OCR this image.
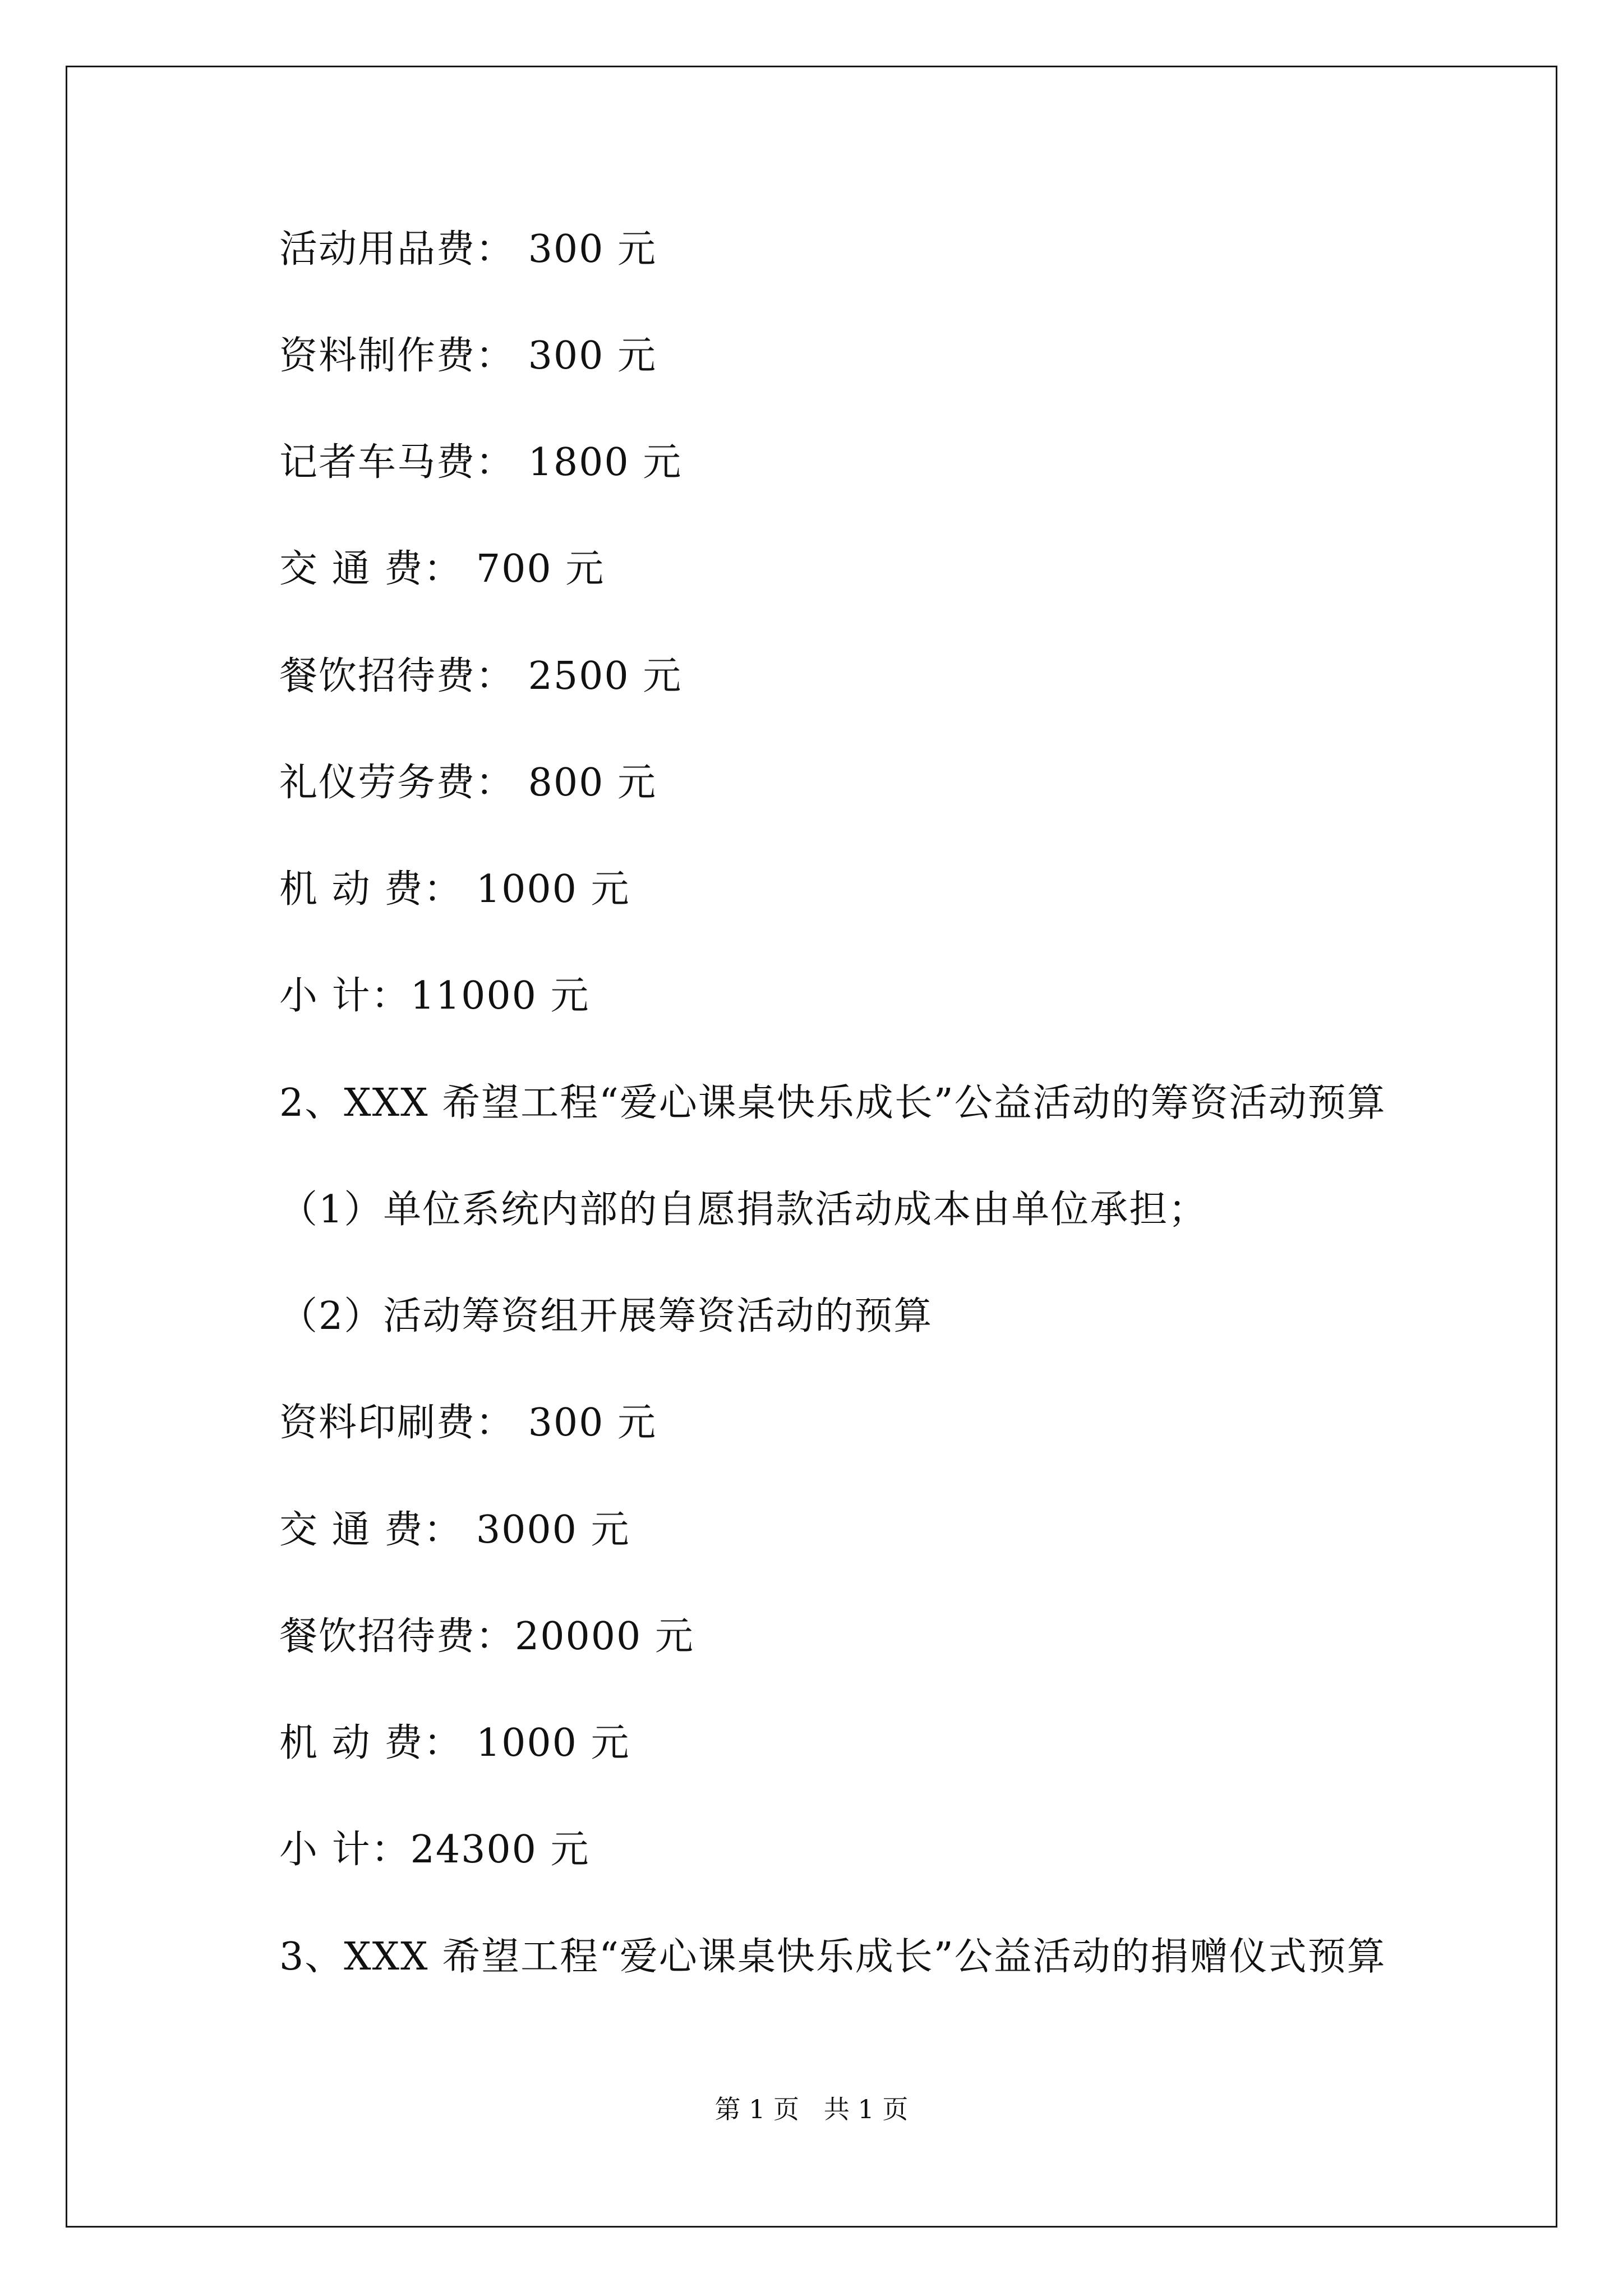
活动用品费： 300 元
资料制作费： 300 元
记者车马费： 1800 元
交 通 费： 700 元
餐饮招待费： 2500 元
礼仪劳务费： 800 元
机 动 费： 1000 元
小 计：11000 元
2、XXX 希望工程“爱心课桌快乐成长”公益活动的筹资活动预算
（1）单位系统内部的自愿捐款活动成本由单位承担；
（2）活动筹资组开展筹资活动的预算
资料印刷费： 300 元
交 通 费： 3000 元
餐饮招待费：20000 元
机 动 费： 1000 元
小 计：24300 元
3、XXX 希望工程“爱心课桌快乐成长”公益活动的捐赠仪式预算
第 1 页   共 1 页
